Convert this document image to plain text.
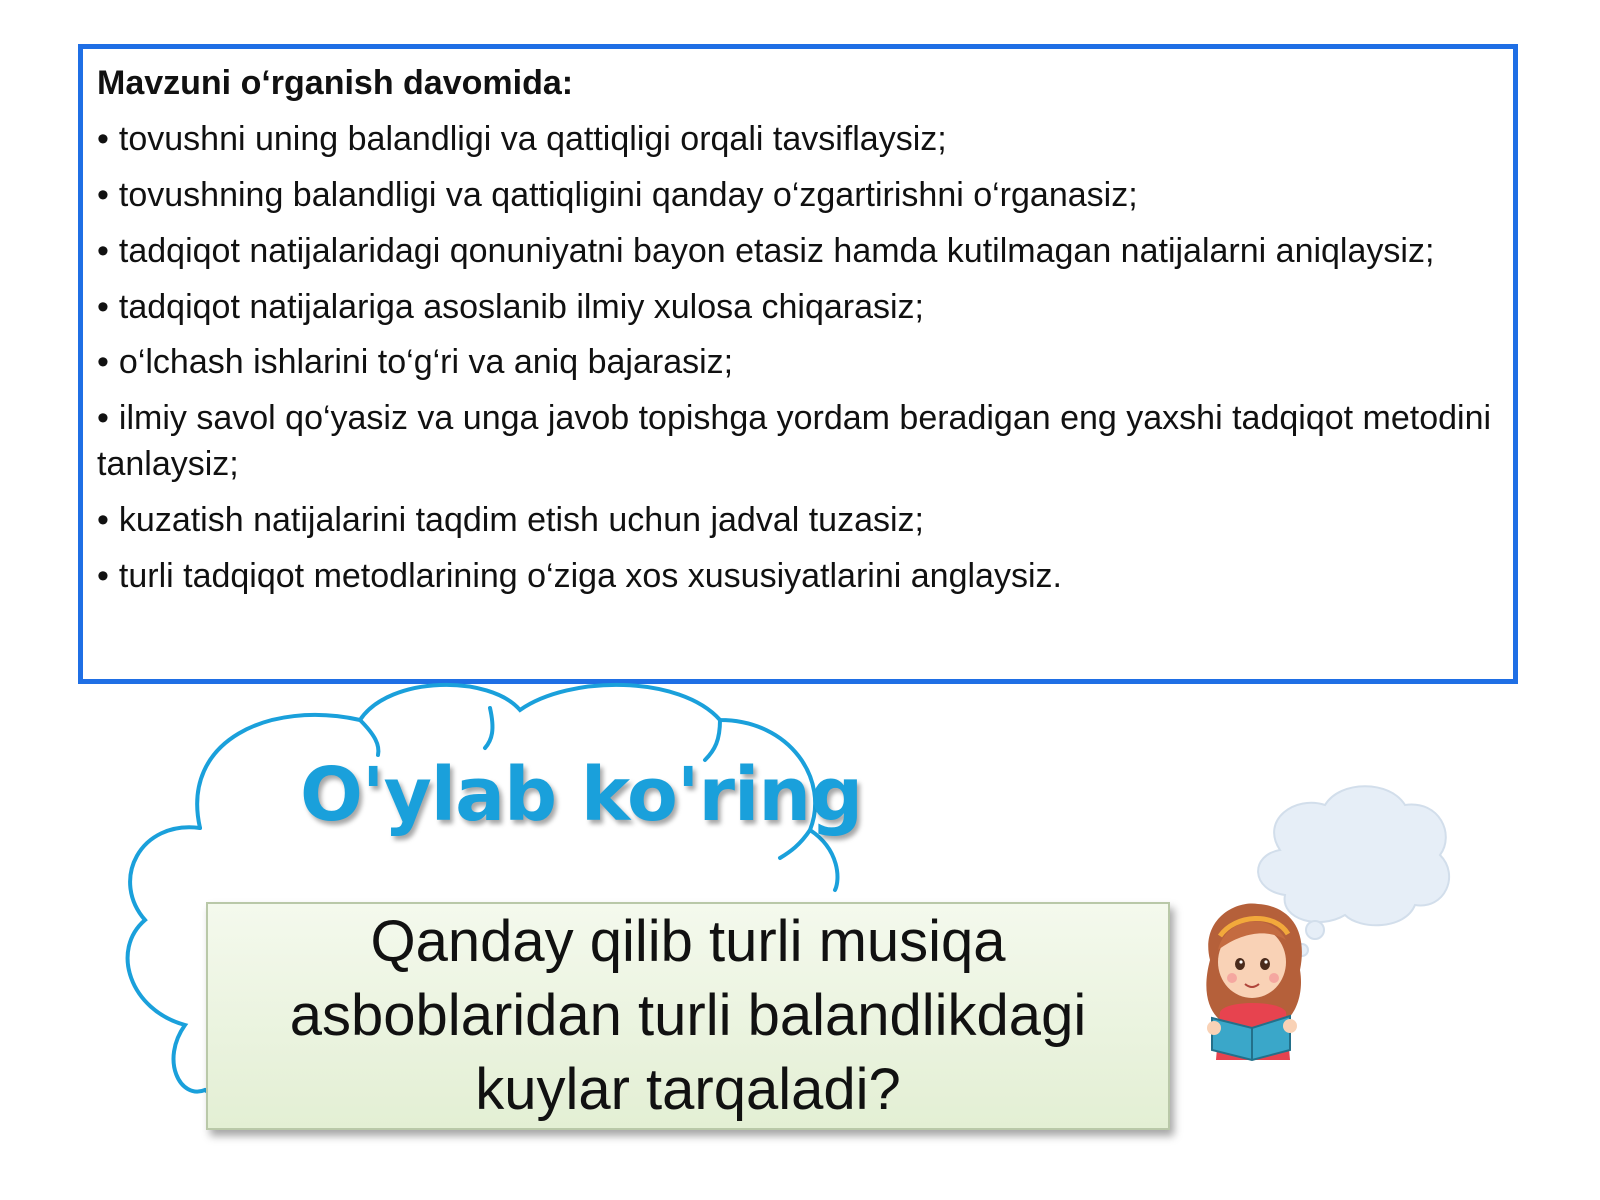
Mavzuni o‘rganish davomida:
• tovushni uning balandligi va qattiqligi orqali tavsiflaysiz;
• tovushning balandligi va qattiqligini qanday o‘zgartirishni o‘rganasiz;
• tadqiqot natijalaridagi qonuniyatni bayon etasiz hamda kutilmagan natijalarni aniqlaysiz;
• tadqiqot natijalariga asoslanib ilmiy xulosa chiqarasiz;
• o‘lchash ishlarini to‘g‘ri va aniq bajarasiz;
• ilmiy savol qo‘yasiz va unga javob topishga yordam beradigan eng yaxshi tadqiqot metodini tanlaysiz;
• kuzatish natijalarini taqdim etish uchun jadval tuzasiz;
• turli tadqiqot metodlarining o‘ziga xos xususiyatlarini anglaysiz.
O'ylab ko'ring
Qanday qilib turli musiqa asboblaridan turli balandlikdagi kuylar tarqaladi?
